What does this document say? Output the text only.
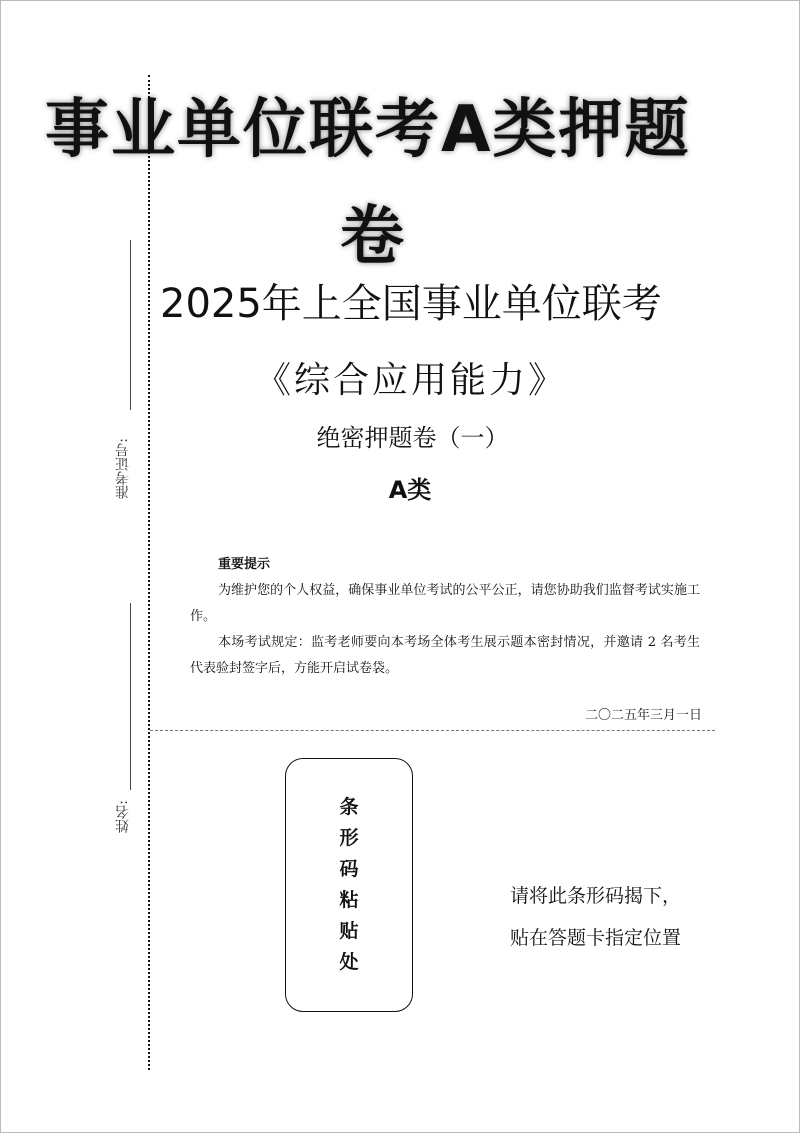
事业单位联考A类押题
卷
2025年上全国事业单位联考
《综合应用能力》
绝密押题卷（一）
A类
重要提示
为维护您的个人权益，确保事业单位考试的公平公正，请您协助我们监督考试实施工作。
本场考试规定：监考老师要向本考场全体考生展示题本密封情况，并邀请 2 名考生代表验封签字后，方能开启试卷袋。
二〇二五年三月一日
准考证号:
姓名:	条
形
码
粘
贴
处
请将此条形码揭下，
贴在答题卡指定位置
